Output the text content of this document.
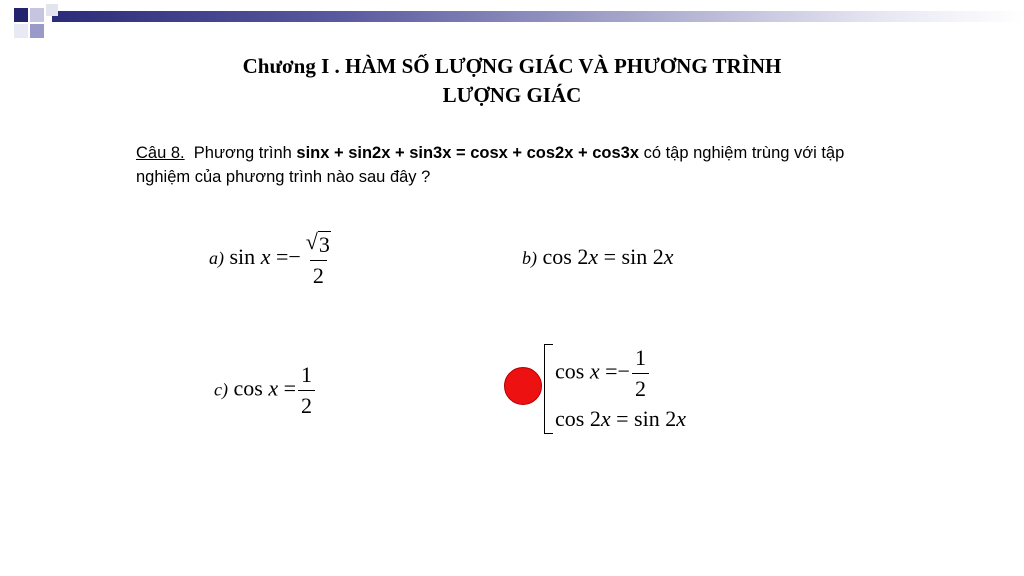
Chương I . HÀM SỐ LƯỢNG GIÁC VÀ PHƯƠNG TRÌNH
LƯỢNG GIÁC
Câu 8. Phương trình sinx + sin2x + sin3x = cosx + cos2x + cos3x có tập nghiệm trùng với tập nghiệm của phương trình nào sau đây ?
a) $\sin x =- \frac{√ 3}{2}$	b) cos 2x = sin 2x
c) $\cos x = \frac{1}{2}$	$\cos x =- \frac{1}{2}$
cos 2x = sin 2x
